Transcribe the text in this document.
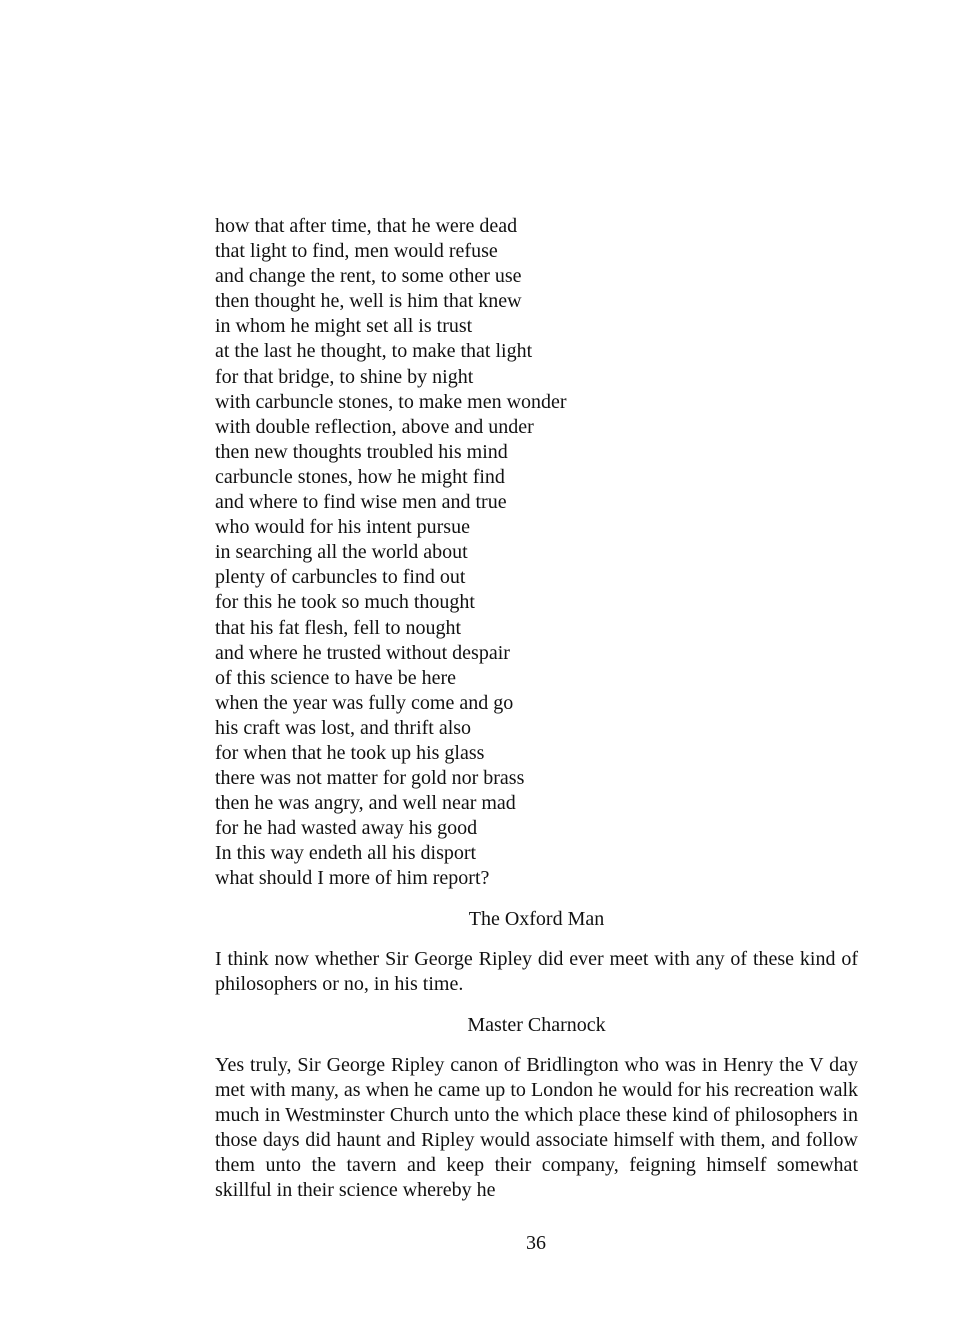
how that after time, that he were dead
that light to find, men would refuse
and change the rent, to some other use
then thought he, well is him that knew
in whom he might set all is trust
at the last he thought, to make that light
for that bridge, to shine by night
with carbuncle stones, to make men wonder
with double reflection, above and under
then new thoughts troubled his mind
carbuncle stones, how he might find
and where to find wise men and true
who would for his intent pursue
in searching all the world about
plenty of carbuncles to find out
for this he took so much thought
that his fat flesh, fell to nought
and where he trusted without despair
of this science to have be here
when the year was fully come and go
his craft was lost, and thrift also
for when that he took up his glass
there was not matter for gold nor brass
then he was angry, and well near mad
for he had wasted away his good
In this way endeth all his disport
what should I more of him report?

The Oxford Man

I think now whether Sir George Ripley did ever meet with any of these kind of philosophers or no, in his time.

Master Charnock

Yes truly, Sir George Ripley canon of Bridlington who was in Henry the V day met with many, as when he came up to London he would for his recreation walk much in Westminster Church unto the which place these kind of philosophers in those days did haunt and Ripley would associate himself with them, and follow them unto the tavern and keep their company, feigning himself somewhat skillful in their science whereby he

36
